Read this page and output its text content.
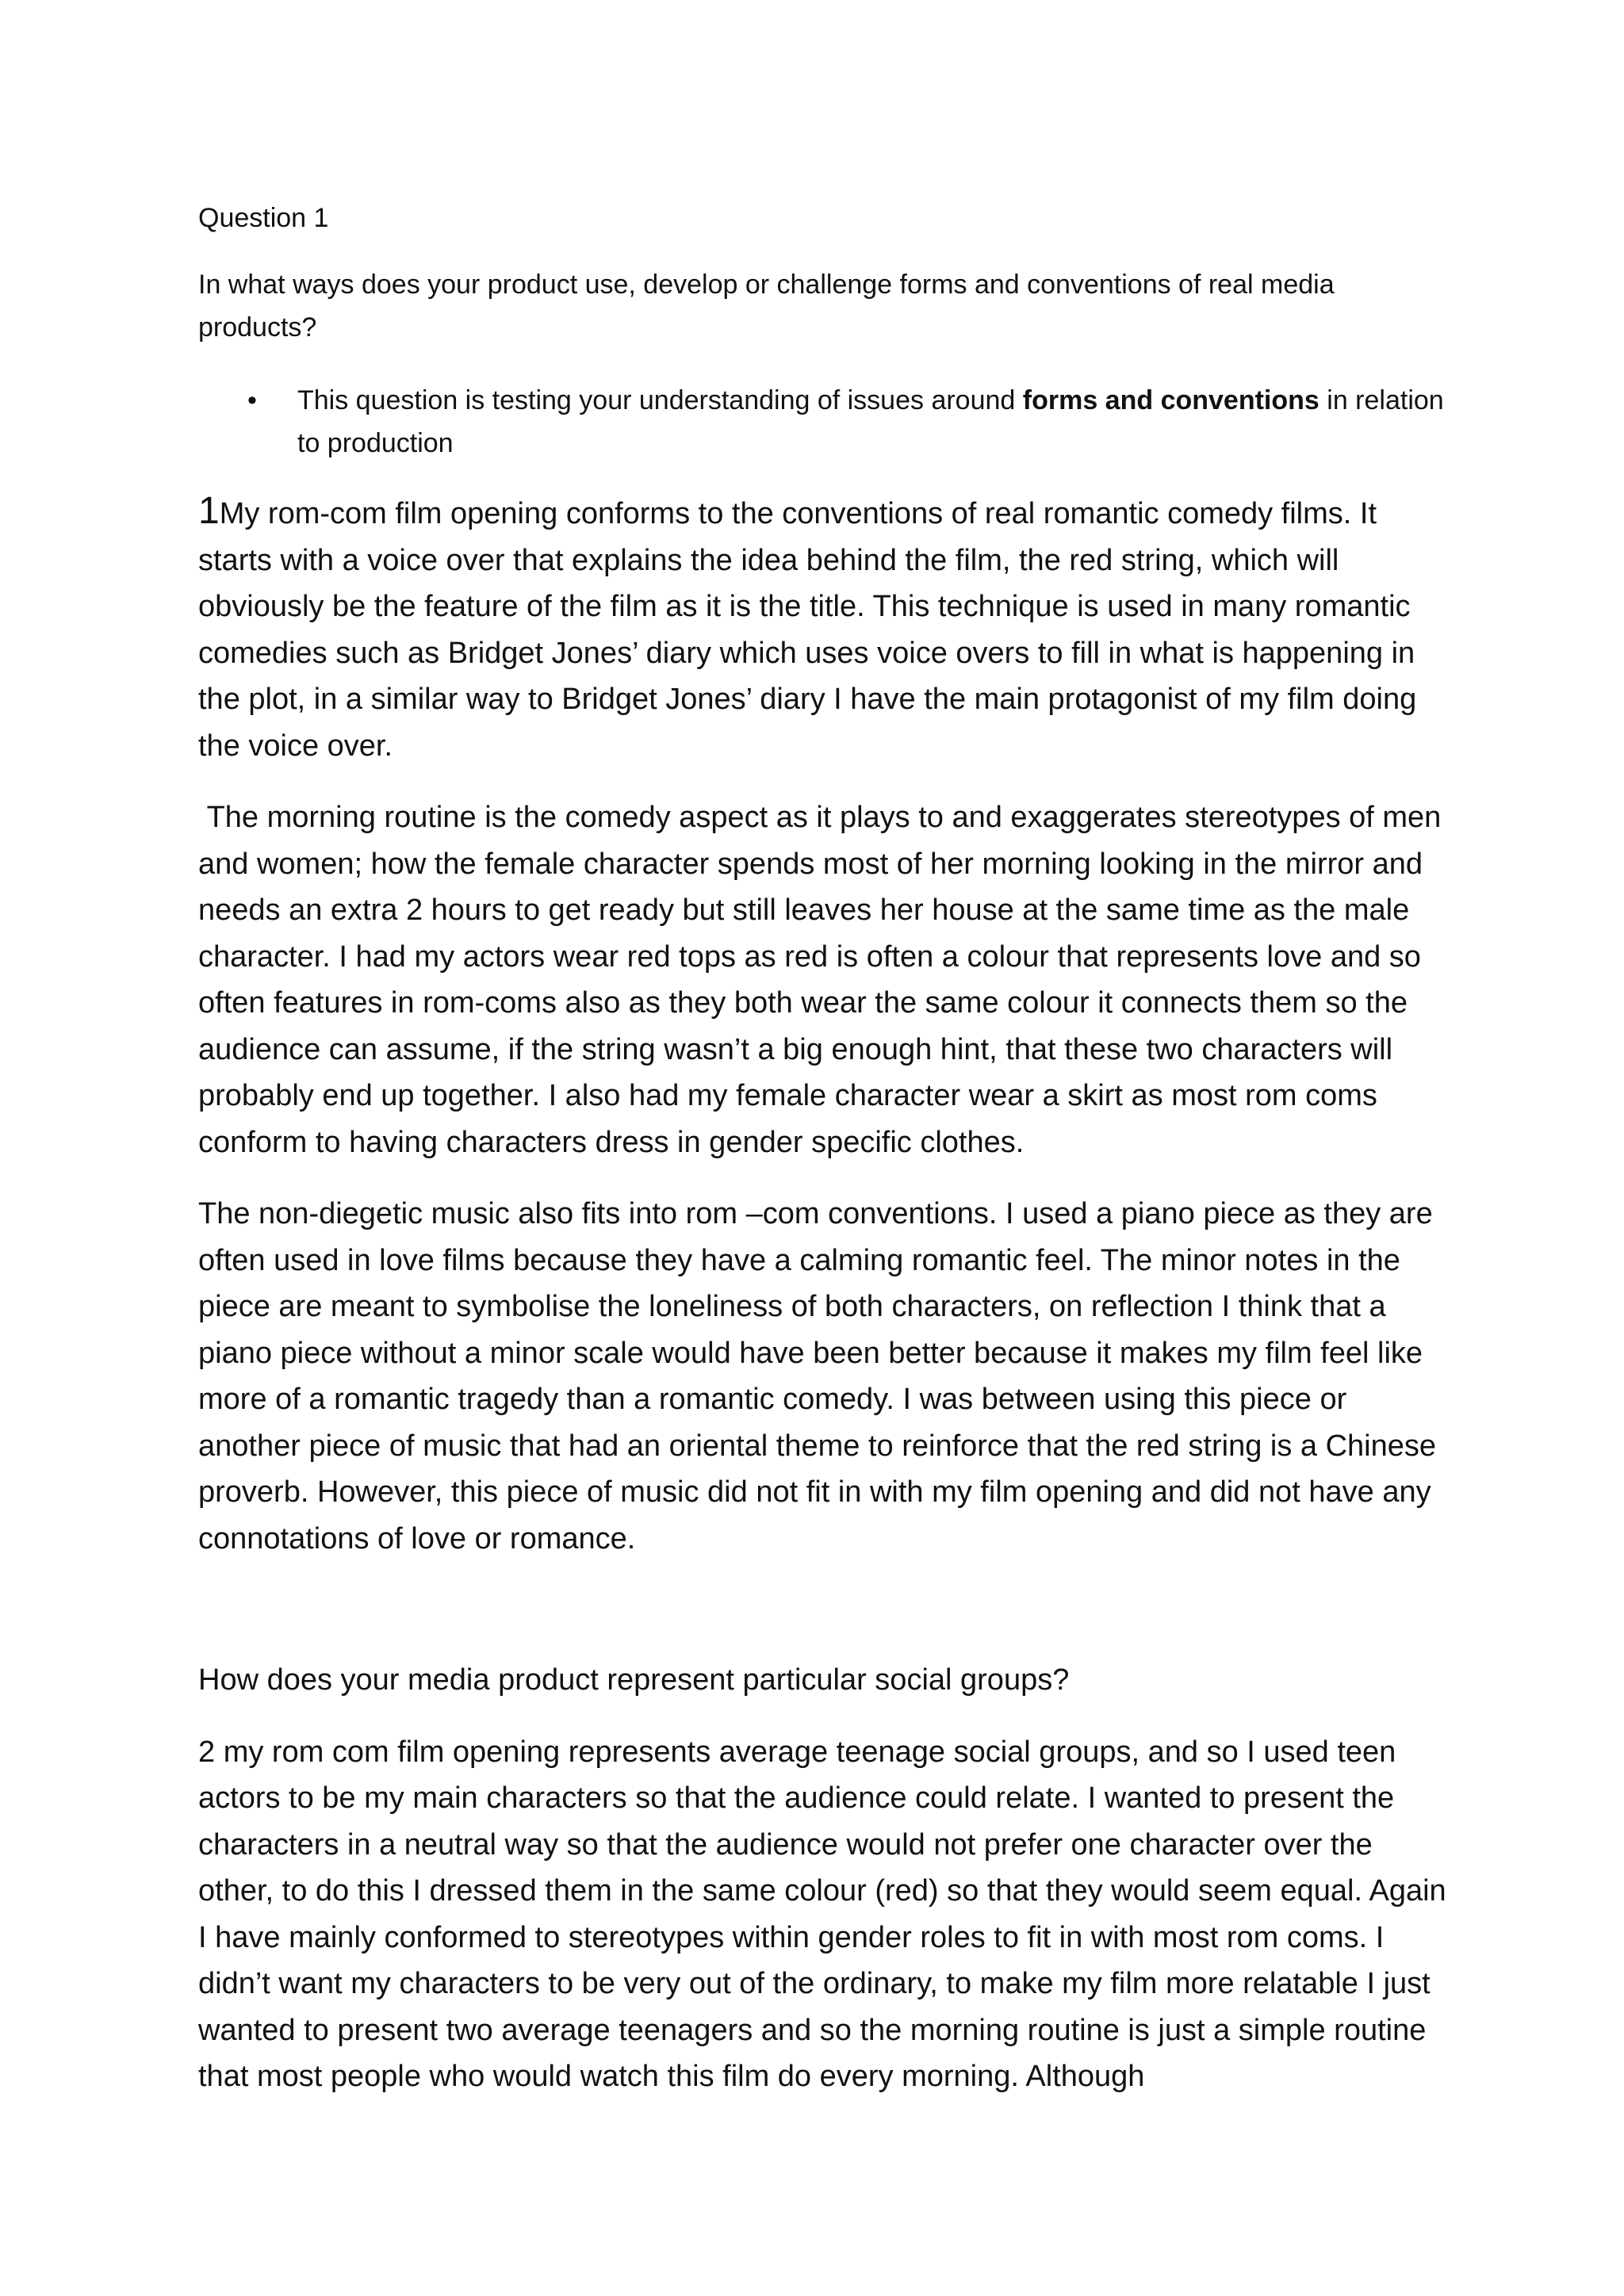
Question 1

In what ways does your product use, develop or challenge forms and conventions of real media products?

• This question is testing your understanding of issues around forms and conventions in relation to production

1My rom-com film opening conforms to the conventions of real romantic comedy films. It starts with a voice over that explains the idea behind the film, the red string, which will obviously be the feature of the film as it is the title. This technique is used in many romantic comedies such as Bridget Jones’ diary which uses voice overs to fill in what is happening in the plot, in a similar way to Bridget Jones’ diary I have the main protagonist of my film doing the voice over.

The morning routine is the comedy aspect as it plays to and exaggerates stereotypes of men and women; how the female character spends most of her morning looking in the mirror and needs an extra 2 hours to get ready but still leaves her house at the same time as the male character. I had my actors wear red tops as red is often a colour that represents love and so often features in rom-coms also as they both wear the same colour it connects them so the audience can assume, if the string wasn’t a big enough hint, that these two characters will probably end up together. I also had my female character wear a skirt as most rom coms conform to having characters dress in gender specific clothes.

The non-diegetic music also fits into rom –com conventions. I used a piano piece as they are often used in love films because they have a calming romantic feel. The minor notes in the piece are meant to symbolise the loneliness of both characters, on reflection I think that a piano piece without a minor scale would have been better because it makes my film feel like more of a romantic tragedy than a romantic comedy. I was between using this piece or another piece of music that had an oriental theme to reinforce that the red string is a Chinese proverb. However, this piece of music did not fit in with my film opening and did not have any connotations of love or romance.

How does your media product represent particular social groups?

2 my rom com film opening represents average teenage social groups, and so I used teen actors to be my main characters so that the audience could relate. I wanted to present the characters in a neutral way so that the audience would not prefer one character over the other, to do this I dressed them in the same colour (red) so that they would seem equal. Again I have mainly conformed to stereotypes within gender roles to fit in with most rom coms. I didn’t want my characters to be very out of the ordinary, to make my film more relatable I just wanted to present two average teenagers and so the morning routine is just a simple routine that most people who would watch this film do every morning. Although
